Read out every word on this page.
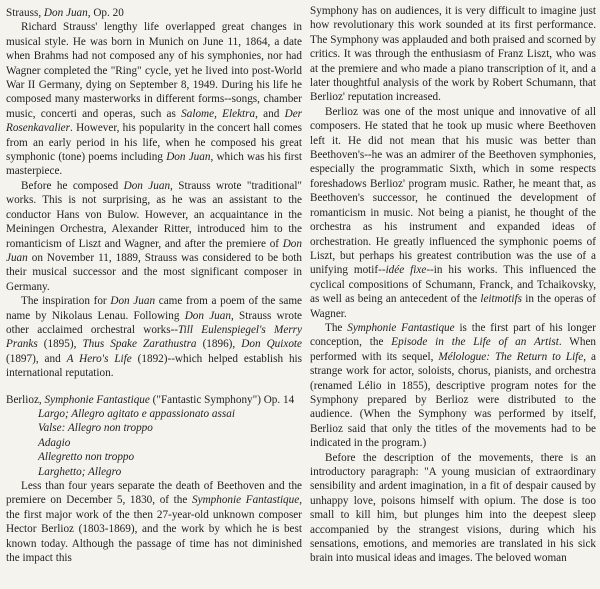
Strauss, Don Juan, Op. 20

Richard Strauss' lengthy life overlapped great changes in musical style. He was born in Munich on June 11, 1864, a date when Brahms had not composed any of his symphonies, nor had Wagner completed the "Ring" cycle, yet he lived into post-World War II Germany, dying on September 8, 1949. During his life he composed many masterworks in different forms--songs, chamber music, concerti and operas, such as Salome, Elektra, and Der Rosenkavalier. However, his popularity in the concert hall comes from an early period in his life, when he composed his great symphonic (tone) poems including Don Juan, which was his first masterpiece.

Before he composed Don Juan, Strauss wrote "traditional" works. This is not surprising, as he was an assistant to the conductor Hans von Bulow. However, an acquaintance in the Meiningen Orchestra, Alexander Ritter, introduced him to the romanticism of Liszt and Wagner, and after the premiere of Don Juan on November 11, 1889, Strauss was considered to be both their musical successor and the most significant composer in Germany.

The inspiration for Don Juan came from a poem of the same name by Nikolaus Lenau. Following Don Juan, Strauss wrote other acclaimed orchestral works--Till Eulenspiegel's Merry Pranks (1895), Thus Spake Zarathustra (1896), Don Quixote (1897), and A Hero's Life (1892)--which helped establish his international reputation.

Berlioz, Symphonie Fantastique ("Fantastic Symphony") Op. 14

Largo; Allegro agitato e appassionato assai
Valse: Allegro non troppo
Adagio
Allegretto non troppo
Larghetto; Allegro

Less than four years separate the death of Beethoven and the premiere on December 5, 1830, of the Symphonie Fantastique, the first major work of the then 27-year-old unknown composer Hector Berlioz (1803-1869), and the work by which he is best known today. Although the passage of time has not diminished the impact this

Symphony has on audiences, it is very difficult to imagine just how revolutionary this work sounded at its first performance. The Symphony was applauded and both praised and scorned by critics. It was through the enthusiasm of Franz Liszt, who was at the premiere and who made a piano transcription of it, and a later thoughtful analysis of the work by Robert Schumann, that Berlioz' reputation increased.

Berlioz was one of the most unique and innovative of all composers. He stated that he took up music where Beethoven left it. He did not mean that his music was better than Beethoven's--he was an admirer of the Beethoven symphonies, especially the programmatic Sixth, which in some respects foreshadows Berlioz' program music. Rather, he meant that, as Beethoven's successor, he continued the development of romanticism in music. Not being a pianist, he thought of the orchestra as his instrument and expanded ideas of orchestration. He greatly influenced the symphonic poems of Liszt, but perhaps his greatest contribution was the use of a unifying motif--idée fixe--in his works. This influenced the cyclical compositions of Schumann, Franck, and Tchaikovsky, as well as being an antecedent of the leitmotifs in the operas of Wagner.

The Symphonie Fantastique is the first part of his longer conception, the Episode in the Life of an Artist. When performed with its sequel, Mélologue: The Return to Life, a strange work for actor, soloists, chorus, pianists, and orchestra (renamed Lélio in 1855), descriptive program notes for the Symphony prepared by Berlioz were distributed to the audience. (When the Symphony was performed by itself, Berlioz said that only the titles of the movements had to be indicated in the program.)

Before the description of the movements, there is an introductory paragraph: "A young musician of extraordinary sensibility and ardent imagination, in a fit of despair caused by unhappy love, poisons himself with opium. The dose is too small to kill him, but plunges him into the deepest sleep accompanied by the strangest visions, during which his sensations, emotions, and memories are translated in his sick brain into musical ideas and images. The beloved woman
